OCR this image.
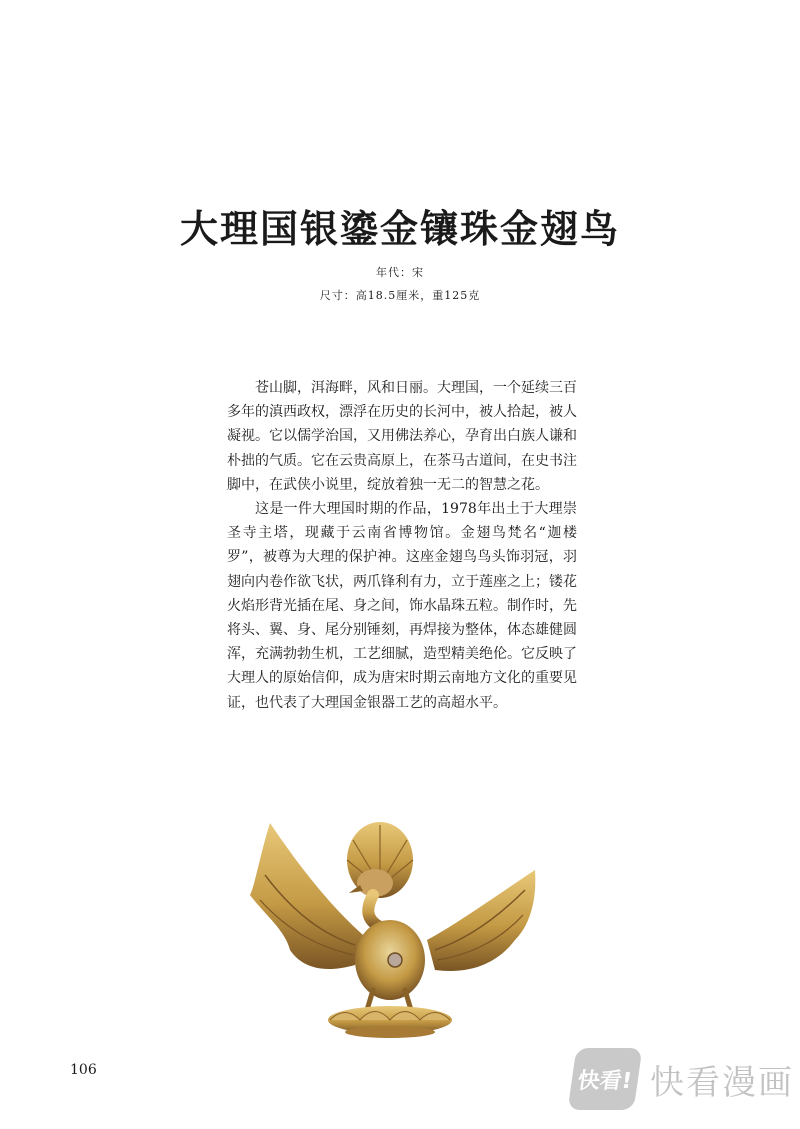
大理国银鎏金镶珠金翅鸟
年代：宋
尺寸：高18.5厘米，重125克

苍山脚，洱海畔，风和日丽。大理国，一个延续三百多年的滇西政权，漂浮在历史的长河中，被人拾起，被人凝视。它以儒学治国，又用佛法养心，孕育出白族人谦和朴拙的气质。它在云贵高原上，在茶马古道间，在史书注脚中，在武侠小说里，绽放着独一无二的智慧之花。

这是一件大理国时期的作品，1978年出土于大理崇圣寺主塔，现藏于云南省博物馆。金翅鸟梵名“迦楼罗”，被尊为大理的保护神。这座金翅鸟鸟头饰羽冠，羽翅向内卷作欲飞状，两爪锋利有力，立于莲座之上；镂花火焰形背光插在尾、身之间，饰水晶珠五粒。制作时，先将头、翼、身、尾分别锤刻，再焊接为整体，体态雄健圆浑，充满勃勃生机，工艺细腻，造型精美绝伦。它反映了大理人的原始信仰，成为唐宋时期云南地方文化的重要见证，也代表了大理国金银器工艺的高超水平。

106	快看! 快看漫画
